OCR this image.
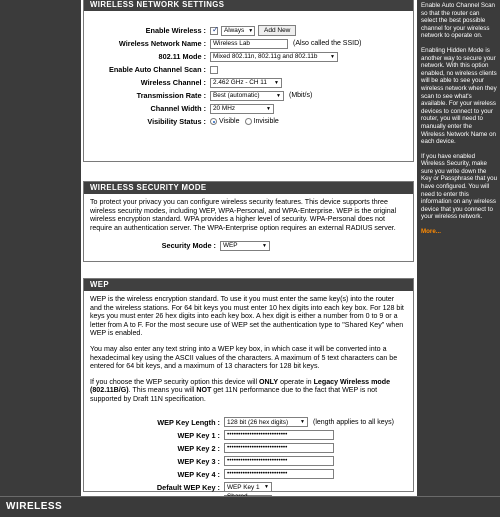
WIRELESS NETWORK SETTINGS
Enable Wireless : ✓ Always ▼	Add New
Wireless Network Name :	Wireless Lab	(Also called the SSID)
802.11 Mode :	Mixed 802.11n, 802.11g and 802.11b	▼
Enable Auto Channel Scan :
Wireless Channel :	2.462 GHz - CH 11 ▼
Transmission Rate :	Best (automatic)	▼ (Mbit/s)
Channel Width :	20 MHz	▼
Visibility Status :	Visible Invisible
WIRELESS SECURITY MODE

To protect your privacy you can configure wireless security features. This device supports three wireless security modes, including WEP, WPA-Personal, and WPA-Enterprise. WEP is the original wireless encryption standard. WPA provides a higher level of security. WPA-Personal does not require an authentication server. The WPA-Enterprise option requires an external RADIUS server.

Security Mode :	WEP	▼
WEP

WEP is the wireless encryption standard. To use it you must enter the same key(s) into the router and the wireless stations. For 64 bit keys you must enter 10 hex digits into each key box. For 128 bit keys you must enter 26 hex digits into each key box. A hex digit is either a number from 0 to 9 or a letter from A to F. For the most secure use of WEP set the authentication type to "Shared Key" when WEP is enabled.

You may also enter any text string into a WEP key box, in which case it will be converted into a hexadecimal key using the ASCII values of the characters. A maximum of 5 text characters can be entered for 64 bit keys, and a maximum of 13 characters for 128 bit keys.

If you choose the WEP security option this device will ONLY operate in Legacy Wireless mode (802.11B/G). This means you will NOT get 11N performance due to the fact that WEP is not supported by Draft 11N specification.

WEP Key Length :	128 bit (26 hex digits) ▼ (length applies to all keys)
WEP Key 1 :	•••••••••••••••••••••••••••
WEP Key 2 :	•••••••••••••••••••••••••••
WEP Key 3 :	•••••••••••••••••••••••••••
WEP Key 4 :	•••••••••••••••••••••••••••
Default WEP Key :	WEP Key 1 ▼

Enable Auto Channel Scan so that the router can select the best possible channel for your wireless network to operate on.

Enabling Hidden Mode is another way to secure your network. With this option enabled, no wireless clients will be able to see your wireless network when they scan to see what's available. For your wireless devices to connect to your router, you will need to manually enter the Wireless Network Name on each device.

If you have enabled Wireless Security, make sure you write down the Key or Passphrase that you have configured. You will need to enter this information on any wireless device that you connect to your wireless network.

More...

WIRELESS
